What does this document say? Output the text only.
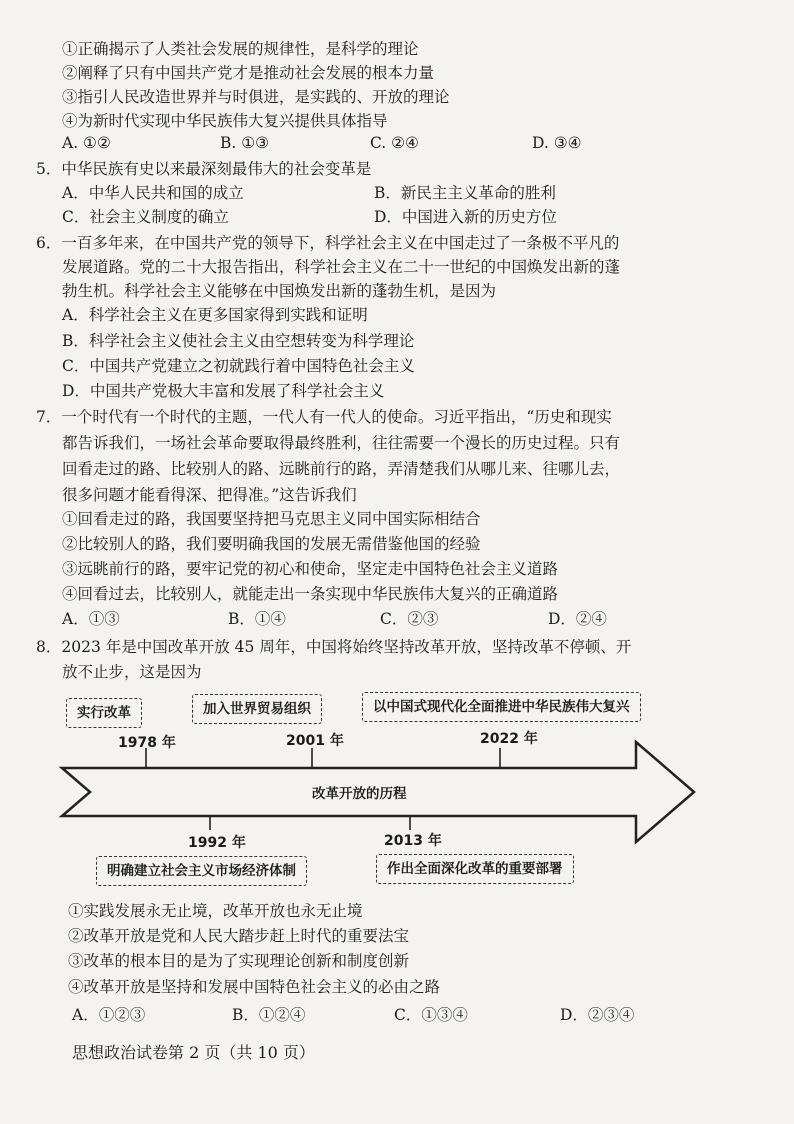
①正确揭示了人类社会发展的规律性，是科学的理论
②阐释了只有中国共产党才是推动社会发展的根本力量
③指引人民改造世界并与时俱进，是实践的、开放的理论
④为新时代实现中华民族伟大复兴提供具体指导
A. ①②	B. ①③	C. ②④	D. ③④
5．中华民族有史以来最深刻最伟大的社会变革是
A．中华人民共和国的成立	B．新民主主义革命的胜利
C．社会主义制度的确立	D．中国进入新的历史方位
6．一百多年来，在中国共产党的领导下，科学社会主义在中国走过了一条极不平凡的
发展道路。党的二十大报告指出，科学社会主义在二十一世纪的中国焕发出新的蓬
勃生机。科学社会主义能够在中国焕发出新的蓬勃生机，是因为
A．科学社会主义在更多国家得到实践和证明
B．科学社会主义使社会主义由空想转变为科学理论
C．中国共产党建立之初就践行着中国特色社会主义
D．中国共产党极大丰富和发展了科学社会主义
7．一个时代有一个时代的主题，一代人有一代人的使命。习近平指出，“历史和现实
都告诉我们，一场社会革命要取得最终胜利，往往需要一个漫长的历史过程。只有
回看走过的路、比较别人的路、远眺前行的路，弄清楚我们从哪儿来、往哪儿去，
很多问题才能看得深、把得准。”这告诉我们
①回看走过的路，我国要坚持把马克思主义同中国实际相结合
②比较别人的路，我们要明确我国的发展无需借鉴他国的经验
③远眺前行的路，要牢记党的初心和使命，坚定走中国特色社会主义道路
④回看过去，比较别人，就能走出一条实现中华民族伟大复兴的正确道路
A．①③	B．①④	C．②③	D．②④
8．2023 年是中国改革开放 45 周年，中国将始终坚持改革开放，坚持改革不停顿、开
放不止步，这是因为
实行改革	加入世界贸易组织	以中国式现代化全面推进中华民族伟大复兴
1978 年	2001 年	2022 年
改革开放的历程
1992 年	2013 年
明确建立社会主义市场经济体制	作出全面深化改革的重要部署
①实践发展永无止境，改革开放也永无止境
②改革开放是党和人民大踏步赶上时代的重要法宝
③改革的根本目的是为了实现理论创新和制度创新
④改革开放是坚持和发展中国特色社会主义的必由之路
A．①②③	B．①②④	C．①③④	D．②③④
思想政治试卷第 2 页（共 10 页）
